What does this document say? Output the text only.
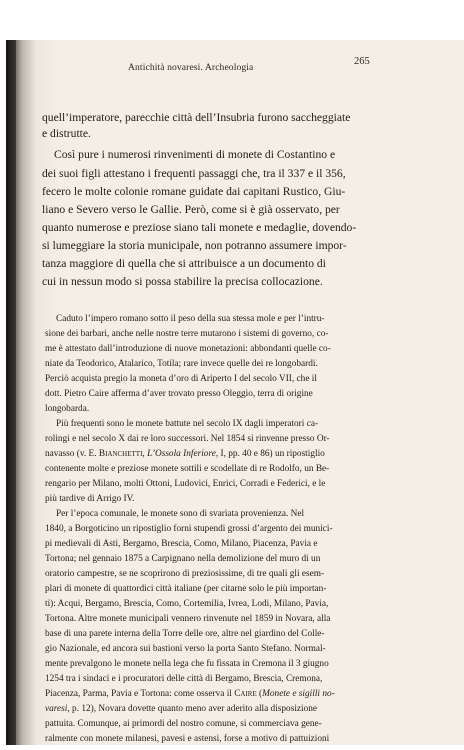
Antichità novaresi. Archeologia
265
quell’imperatore, parecchie città dell’Insubria furono saccheggiate
e distrutte.
Così pure i numerosi rinvenimenti di monete di Costantino e
dei suoi figli attestano i frequenti passaggi che, tra il 337 e il 356,
fecero le molte colonie romane guidate dai capitani Rustico, Giu-
liano e Severo verso le Gallie. Però, come si è già osservato, per
quanto numerose e preziose siano tali monete e medaglie, dovendo-
si lumeggiare la storia municipale, non potranno assumere impor-
tanza maggiore di quella che si attribuisce a un documento di
cui in nessun modo si possa stabilire la precisa collocazione.
Caduto l’impero romano sotto il peso della sua stessa mole e per l’intru-
sione dei barbari, anche nelle nostre terre mutarono i sistemi di governo, co-
me è attestato dall’introduzione di nuove monetazioni: abbondanti quelle co-
niate da Teodorico, Atalarico, Totila; rare invece quelle dei re longobardi.
Perciò acquista pregio la moneta d’oro di Ariperto I del secolo VII, che il
dott. Pietro Caire afferma d’aver trovato presso Oleggio, terra di origine
longobarda.
Più frequenti sono le monete battute nel secolo IX dagli imperatori ca-
rolingi e nel secolo X dai re loro successori. Nel 1854 si rinvenne presso Or-
navasso (v. E. Bianchetti, L’Ossola Inferiore, I, pp. 40 e 86) un ripostiglio
contenente molte e preziose monete sottili e scodellate di re Rodolfo, un Be-
rengario per Milano, molti Ottoni, Ludovici, Enrici, Corradi e Federici, e le
più tardive di Arrigo IV.
Per l’epoca comunale, le monete sono di svariata provenienza. Nel
1840, a Borgoticino un ripostiglio fornì stupendi grossi d’argento dei munici-
pi medievali di Asti, Bergamo, Brescia, Como, Milano, Piacenza, Pavia e
Tortona; nel gennaio 1875 a Carpignano nella demolizione del muro di un
oratorio campestre, se ne scoprirono di preziosissime, di tre quali gli esem-
plari di monete di quattordici città italiane (per citarne solo le più importan-
ti): Acqui, Bergamo, Brescia, Como, Cortemilia, Ivrea, Lodi, Milano, Pavia,
Tortona. Altre monete municipali vennero rinvenute nel 1859 in Novara, alla
base di una parete interna della Torre delle ore, altre nel giardino del Colle-
gio Nazionale, ed ancora sui bastioni verso la porta Santo Stefano. Normal-
mente prevalgono le monete nella lega che fu fissata in Cremona il 3 giugno
1254 tra i sindaci e i procuratori delle città di Bergamo, Brescia, Cremona,
Piacenza, Parma, Pavia e Tortona: come osserva il Caire (Monete e sigilli no-
varesi, p. 12), Novara dovette quanto meno aver aderito alla disposizione
pattuita. Comunque, ai primordi del nostro comune, si commerciava gene-
ralmente con monete milanesi, pavesi e astensi, forse a motivo di pattuizioni
